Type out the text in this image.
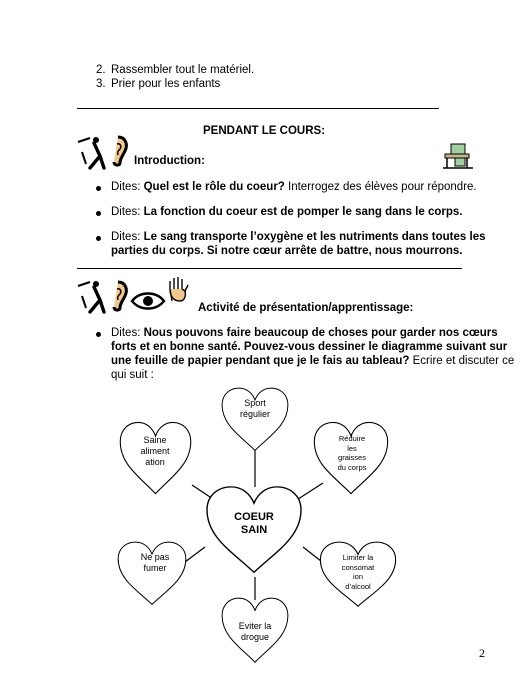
2. Rassembler tout le matériel.
3. Prier pour les enfants
PENDANT LE COURS:
Introduction:
Dites: Quel est le rôle du coeur? Interrogez des élèves pour répondre.
Dites: La fonction du coeur est de pomper le sang dans le corps.
Dites: Le sang transporte l’oxygène et les nutriments dans toutes les
parties du corps. Si notre cœur arrête de battre, nous mourrons.
Activité de présentation/apprentissage:
Dites: Nous pouvons faire beaucoup de choses pour garder nos cœurs
forts et en bonne santé. Pouvez-vous dessiner le diagramme suivant sur
une feuille de papier pendant que je le fais au tableau? Ecrire et discuter ce
qui suit :
Sport
régulier
Saine
aliment
ation
Réduire
les
graisses
du corps
COEUR
SAIN
Ne pas
fumer
Limiter la
consomat
ion
d’alcool
Eviter la
drogue
2
